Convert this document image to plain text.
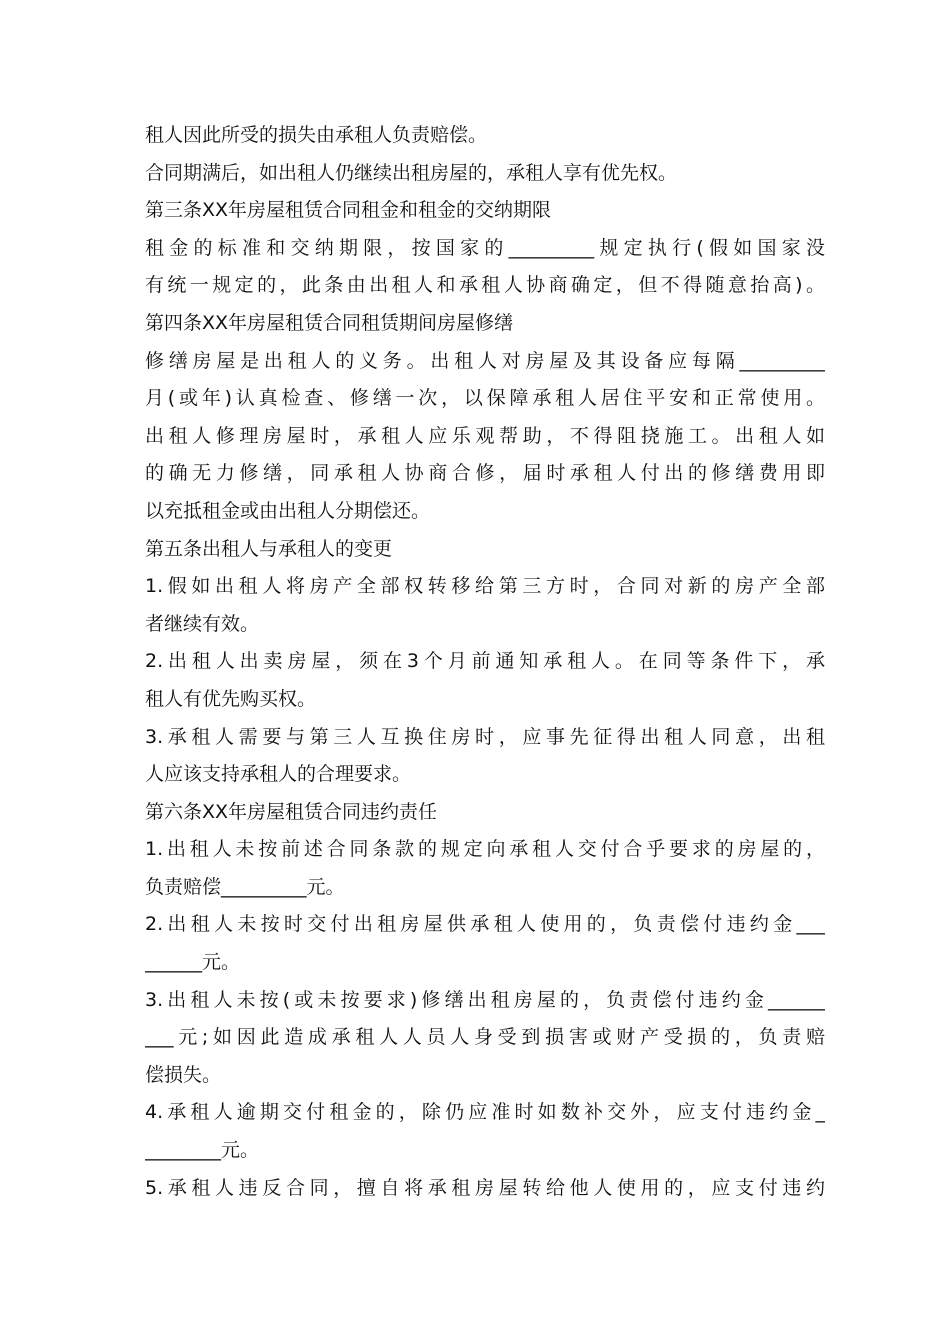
租人因此所受的损失由承租人负责赔偿。
合同期满后，如出租人仍继续出租房屋的，承租人享有优先权。
第三条XX年房屋租赁合同租金和租金的交纳期限
租金的标准和交纳期限，按国家的_________规定执行(假如国家没
有统一规定的，此条由出租人和承租人协商确定，但不得随意抬高)。
第四条XX年房屋租赁合同租赁期间房屋修缮
修缮房屋是出租人的义务。出租人对房屋及其设备应每隔_________
月(或年)认真检查、修缮一次，以保障承租人居住平安和正常使用。
出租人修理房屋时，承租人应乐观帮助，不得阻挠施工。出租人如
的确无力修缮，同承租人协商合修，届时承租人付出的修缮费用即
以充抵租金或由出租人分期偿还。
第五条出租人与承租人的变更
1.假如出租人将房产全部权转移给第三方时，合同对新的房产全部
者继续有效。
2.出租人出卖房屋，须在3个月前通知承租人。在同等条件下，承
租人有优先购买权。
3.承租人需要与第三人互换住房时，应事先征得出租人同意，出租
人应该支持承租人的合理要求。
第六条XX年房屋租赁合同违约责任
1.出租人未按前述合同条款的规定向承租人交付合乎要求的房屋的，
负责赔偿_________元。
2.出租人未按时交付出租房屋供承租人使用的，负责偿付违约金___
______元。
3.出租人未按(或未按要求)修缮出租房屋的，负责偿付违约金______
___元;如因此造成承租人人员人身受到损害或财产受损的，负责赔
偿损失。
4.承租人逾期交付租金的，除仍应准时如数补交外，应支付违约金_
________元。
5.承租人违反合同，擅自将承租房屋转给他人使用的，应支付违约
